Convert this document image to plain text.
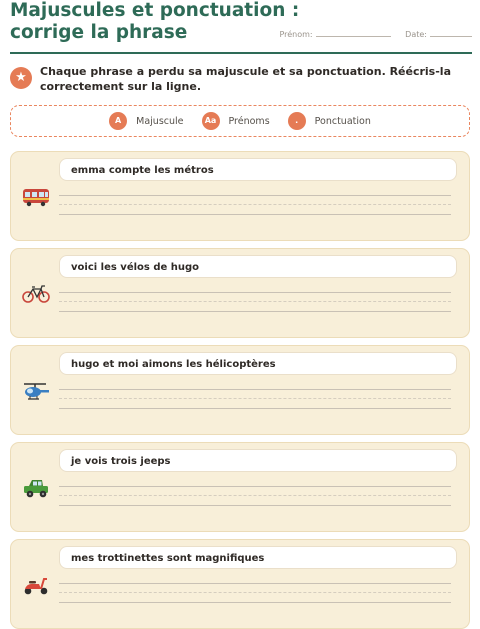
Majuscules et ponctuation :
corrige la phrase	Prénom:	Date:
★	Chaque phrase a perdu sa majuscule et sa ponctuation. Réécris-la correctement sur la ligne.
A	Majuscule	Aa	Prénoms	.	Ponctuation
emma compte les métros
voici les vélos de hugo
hugo et moi aimons les hélicoptères
je vois trois jeeps
mes trottinettes sont magnifiques
